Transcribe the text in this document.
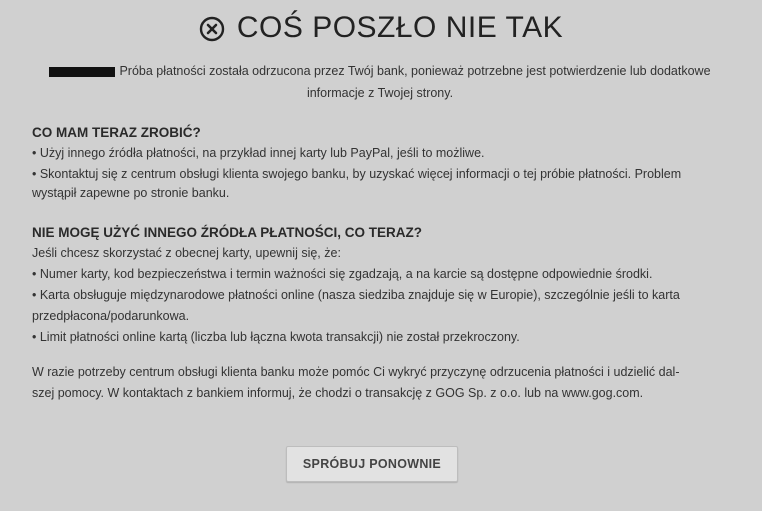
COŚ POSZŁO NIE TAK
Próba płatności została odrzucona przez Twój bank, ponieważ potrzebne jest potwierdzenie lub dodatkowe
informacje z Twojej strony.
CO MAM TERAZ ZROBIĆ?
• Użyj innego źródła płatności, na przykład innej karty lub PayPal, jeśli to możliwe.
• Skontaktuj się z centrum obsługi klienta swojego banku, by uzyskać więcej informacji o tej próbie płatności. Problem
wystąpił zapewne po stronie banku.
NIE MOGĘ UŻYĆ INNEGO ŹRÓDŁA PŁATNOŚCI, CO TERAZ?
Jeśli chcesz skorzystać z obecnej karty, upewnij się, że:
• Numer karty, kod bezpieczeństwa i termin ważności się zgadzają, a na karcie są dostępne odpowiednie środki.
• Karta obsługuje międzynarodowe płatności online (nasza siedziba znajduje się w Europie), szczególnie jeśli to karta
przedpłacona/podarunkowa.
• Limit płatności online kartą (liczba lub łączna kwota transakcji) nie został przekroczony.
W razie potrzeby centrum obsługi klienta banku może pomóc Ci wykryć przyczynę odrzucenia płatności i udzielić dal-
szej pomocy. W kontaktach z bankiem informuj, że chodzi o transakcję z GOG Sp. z o.o. lub na www.gog.com.
SPRÓBUJ PONOWNIE
